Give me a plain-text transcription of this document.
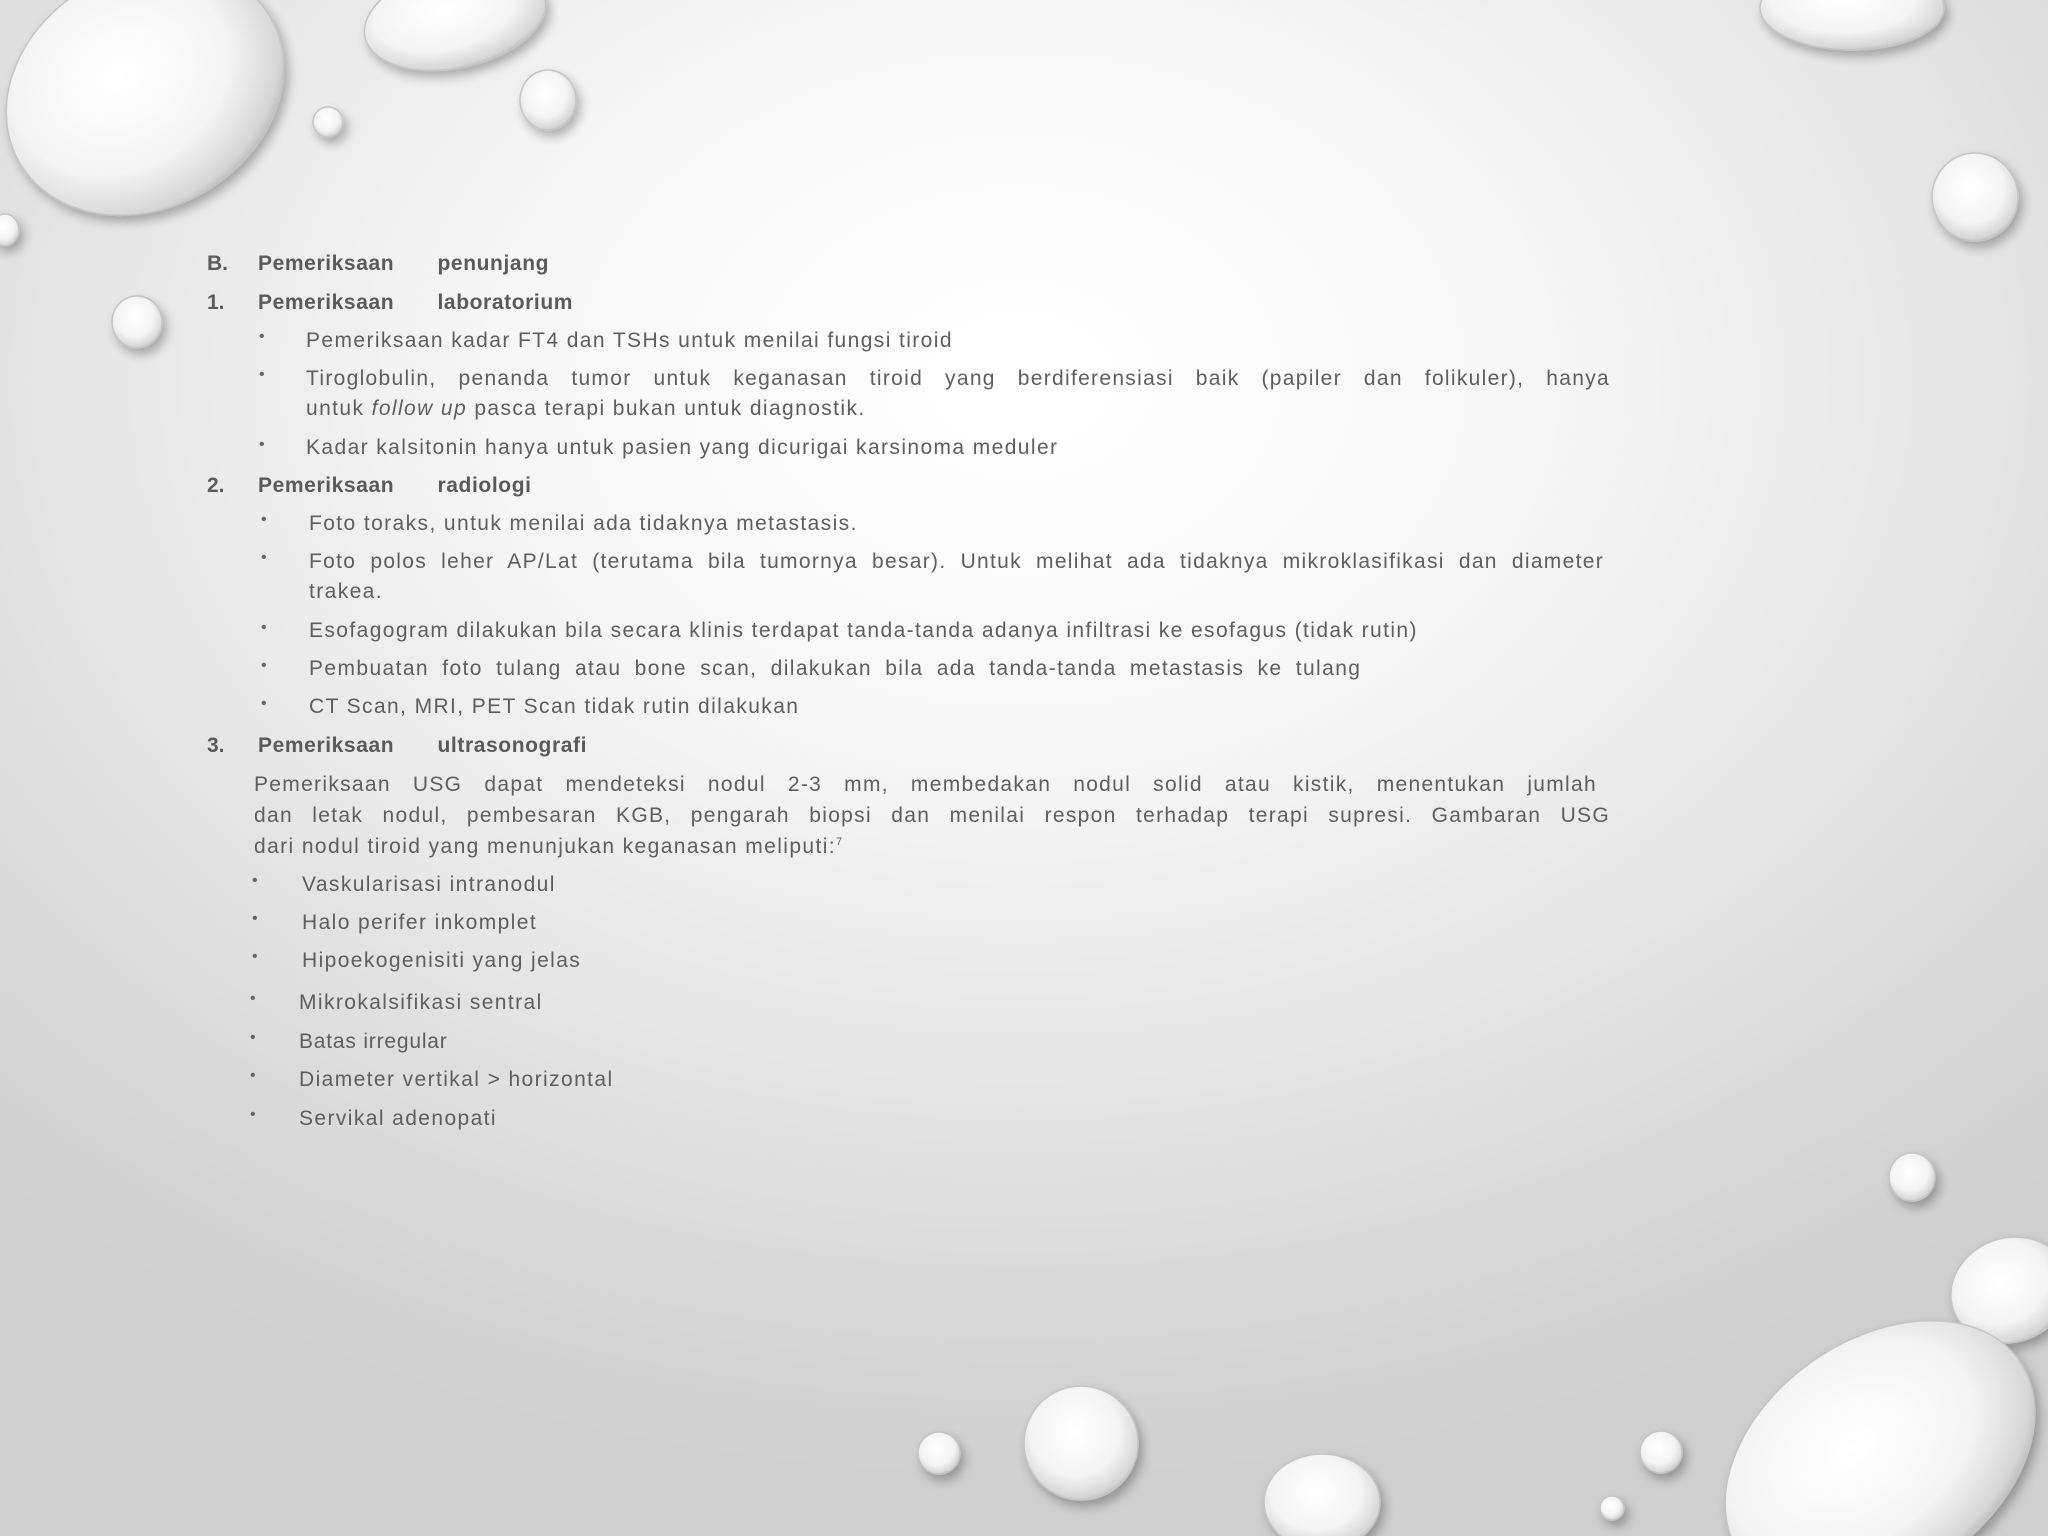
B. Pemeriksaan   penunjang
1. Pemeriksaan   laboratorium
• Pemeriksaan kadar FT4 dan TSHs untuk menilai fungsi tiroid
• Tiroglobulin, penanda tumor untuk keganasan tiroid yang berdiferensiasi baik (papiler dan folikuler), hanya
untuk follow up pasca terapi bukan untuk diagnostik.
• Kadar kalsitonin hanya untuk pasien yang dicurigai karsinoma meduler
2. Pemeriksaan   radiologi
• Foto toraks, untuk menilai ada tidaknya metastasis.
• Foto polos leher AP/Lat (terutama bila tumornya besar). Untuk melihat ada tidaknya mikroklasifikasi dan diameter
trakea.
• Esofagogram dilakukan bila secara klinis terdapat tanda-tanda adanya infiltrasi ke esofagus (tidak rutin)
• Pembuatan foto tulang atau bone scan, dilakukan bila ada tanda-tanda metastasis ke tulang
• CT Scan, MRI, PET Scan tidak rutin dilakukan
3. Pemeriksaan   ultrasonografi
Pemeriksaan USG dapat mendeteksi nodul 2-3 mm, membedakan nodul solid atau kistik, menentukan jumlah
dan letak nodul, pembesaran KGB, pengarah biopsi dan menilai respon terhadap terapi supresi. Gambaran USG
dari nodul tiroid yang menunjukan keganasan meliputi:$^7$
• Vaskularisasi intranodul
• Halo perifer inkomplet
• Hipoekogenisiti yang jelas
• Mikrokalsifikasi sentral
• Batas irregular
• Diameter vertikal > horizontal
• Servikal adenopati
